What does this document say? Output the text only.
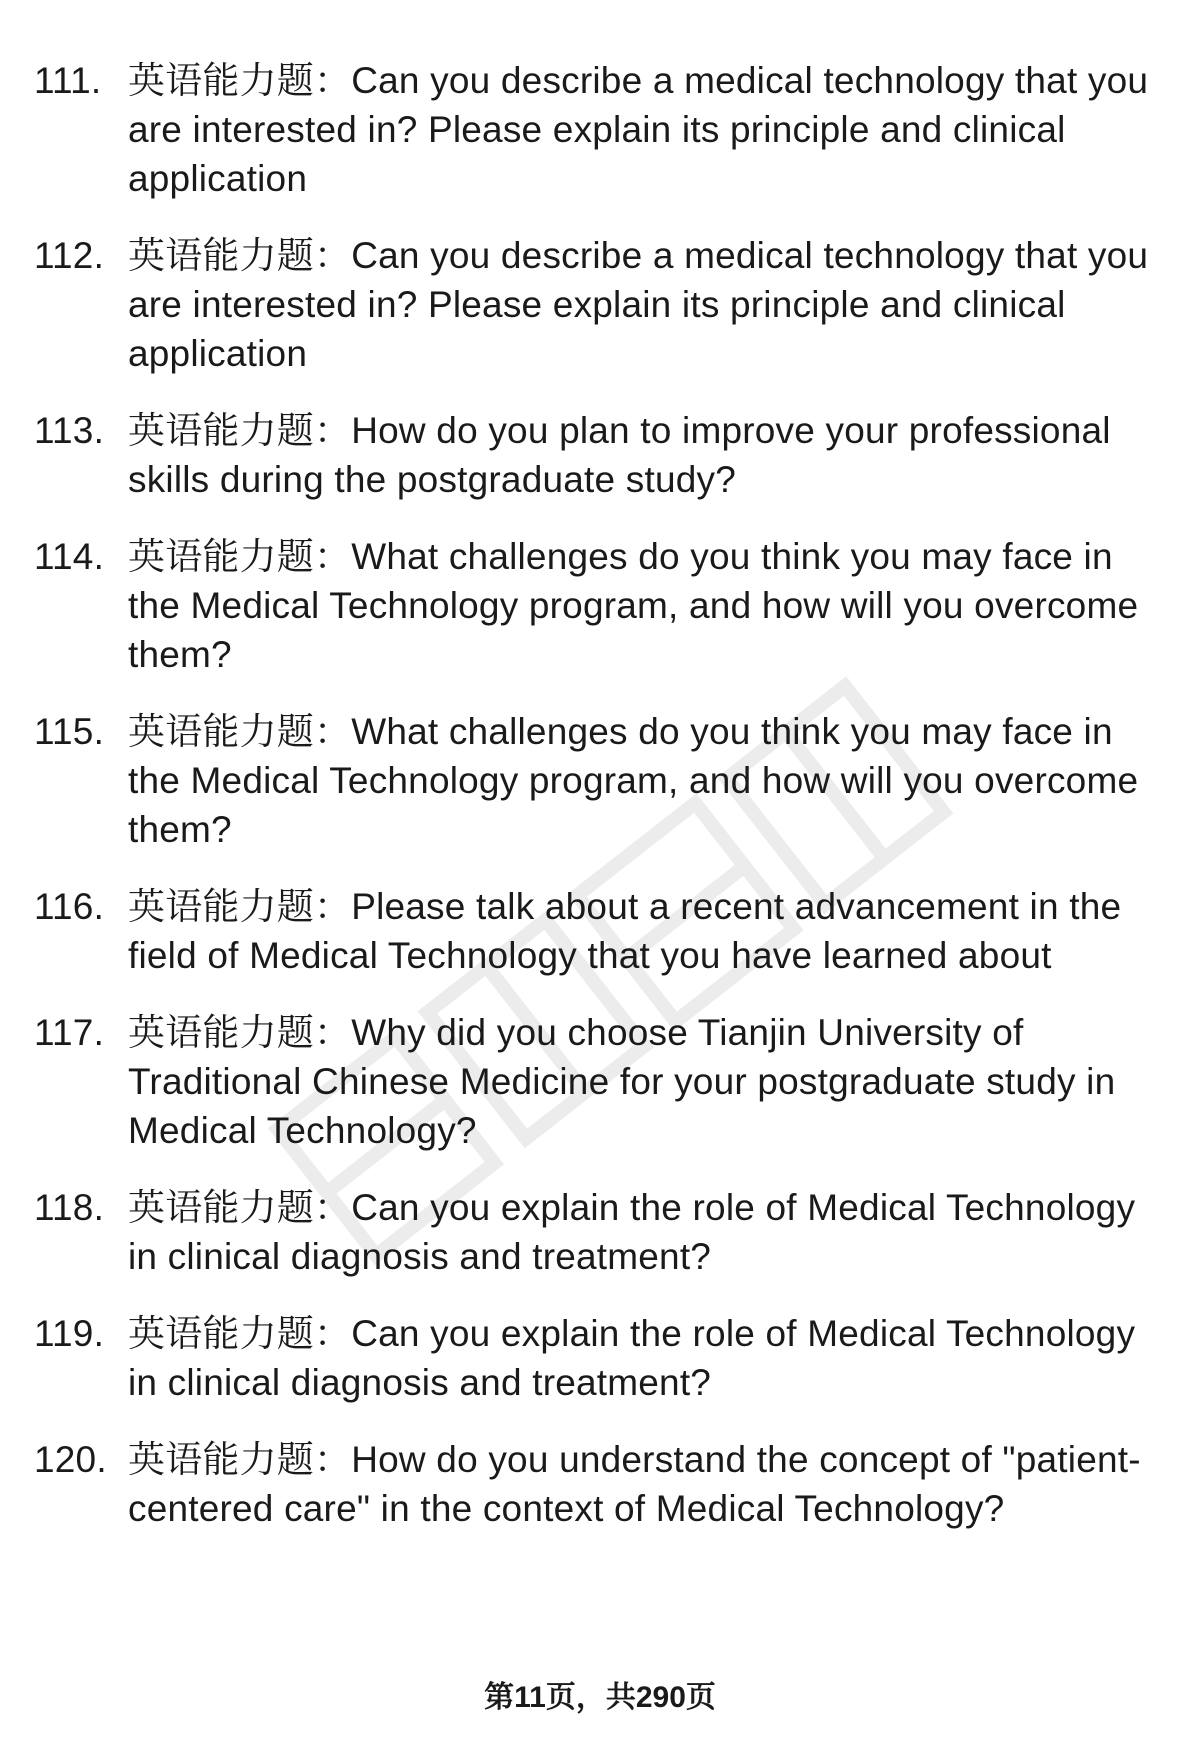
111. 英语能力题：Can you describe a medical technology that you are interested in? Please explain its principle and clinical application
112. 英语能力题：Can you describe a medical technology that you are interested in? Please explain its principle and clinical application
113. 英语能力题：How do you plan to improve your professional skills during the postgraduate study?
114. 英语能力题：What challenges do you think you may face in the Medical Technology program, and how will you overcome them?
115. 英语能力题：What challenges do you think you may face in the Medical Technology program, and how will you overcome them?
116. 英语能力题：Please talk about a recent advancement in the field of Medical Technology that you have learned about
117. 英语能力题：Why did you choose Tianjin University of Traditional Chinese Medicine for your postgraduate study in Medical Technology?
118. 英语能力题：Can you explain the role of Medical Technology in clinical diagnosis and treatment?
119. 英语能力题：Can you explain the role of Medical Technology in clinical diagnosis and treatment?
120. 英语能力题：How do you understand the concept of "patient-centered care" in the context of Medical Technology?
第11页，共290页
